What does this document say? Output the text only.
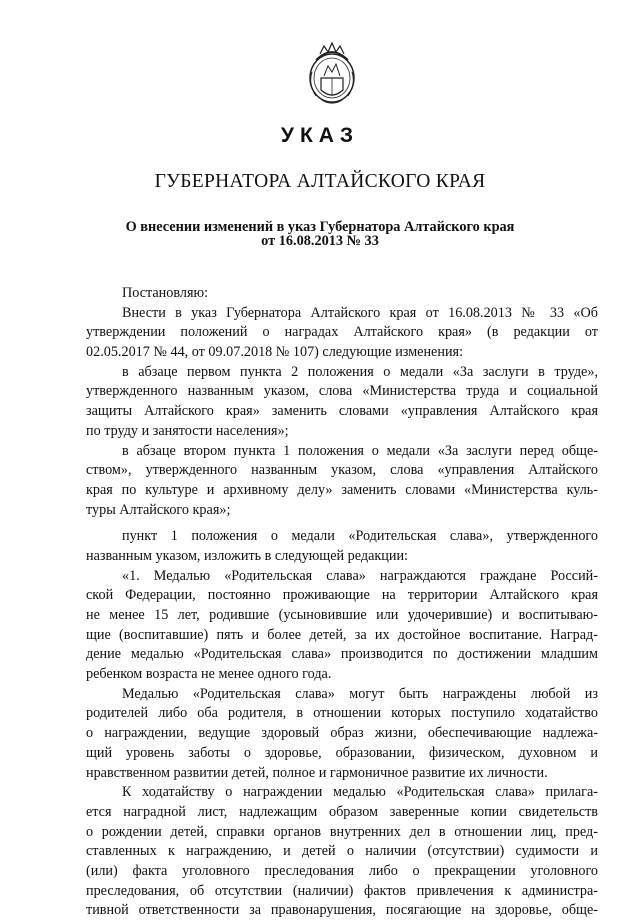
УКАЗ
ГУБЕРНАТОРА АЛТАЙСКОГО КРАЯ
О внесении изменений в указ Губернатора Алтайского края
от 16.08.2013 № 33
Постановляю:
Внести в указ Губернатора Алтайского края от 16.08.2013 № 33 «Об
утверждении положений о наградах Алтайского края» (в редакции от
02.05.2017 № 44, от 09.07.2018 № 107) следующие изменения:
в абзаце первом пункта 2 положения о медали «За заслуги в труде»,
утвержденного названным указом, слова «Министерства труда и социальной
защиты Алтайского края» заменить словами «управления Алтайского края
по труду и занятости населения»;
в абзаце втором пункта 1 положения о медали «За заслуги перед обще-
ством», утвержденного названным указом, слова «управления Алтайского
края по культуре и архивному делу» заменить словами «Министерства куль-
туры Алтайского края»;
пункт 1 положения о медали «Родительская слава», утвержденного
названным указом, изложить в следующей редакции:
«1. Медалью «Родительская слава» награждаются граждане Россий-
ской Федерации, постоянно проживающие на территории Алтайского края
не менее 15 лет, родившие (усыновившие или удочерившие) и воспитываю-
щие (воспитавшие) пять и более детей, за их достойное воспитание. Наград-
дение медалью «Родительская слава» производится по достижении младшим
ребенком возраста не менее одного года.
Медалью «Родительская слава» могут быть награждены любой из
родителей либо оба родителя, в отношении которых поступило ходатайство
о награждении, ведущие здоровый образ жизни, обеспечивающие надлежа-
щий уровень заботы о здоровье, образовании, физическом, духовном и
нравственном развитии детей, полное и гармоничное развитие их личности.
К ходатайству о награждении медалью «Родительская слава» прилага-
ется наградной лист, надлежащим образом заверенные копии свидетельств
о рождении детей, справки органов внутренних дел в отношении лиц, пред-
ставленных к награждению, и детей о наличии (отсутствии) судимости и
(или) факта уголовного преследования либо о прекращении уголовного
преследования, об отсутствии (наличии) фактов привлечения к администра-
тивной ответственности за правонарушения, посягающие на здоровье, обще-
